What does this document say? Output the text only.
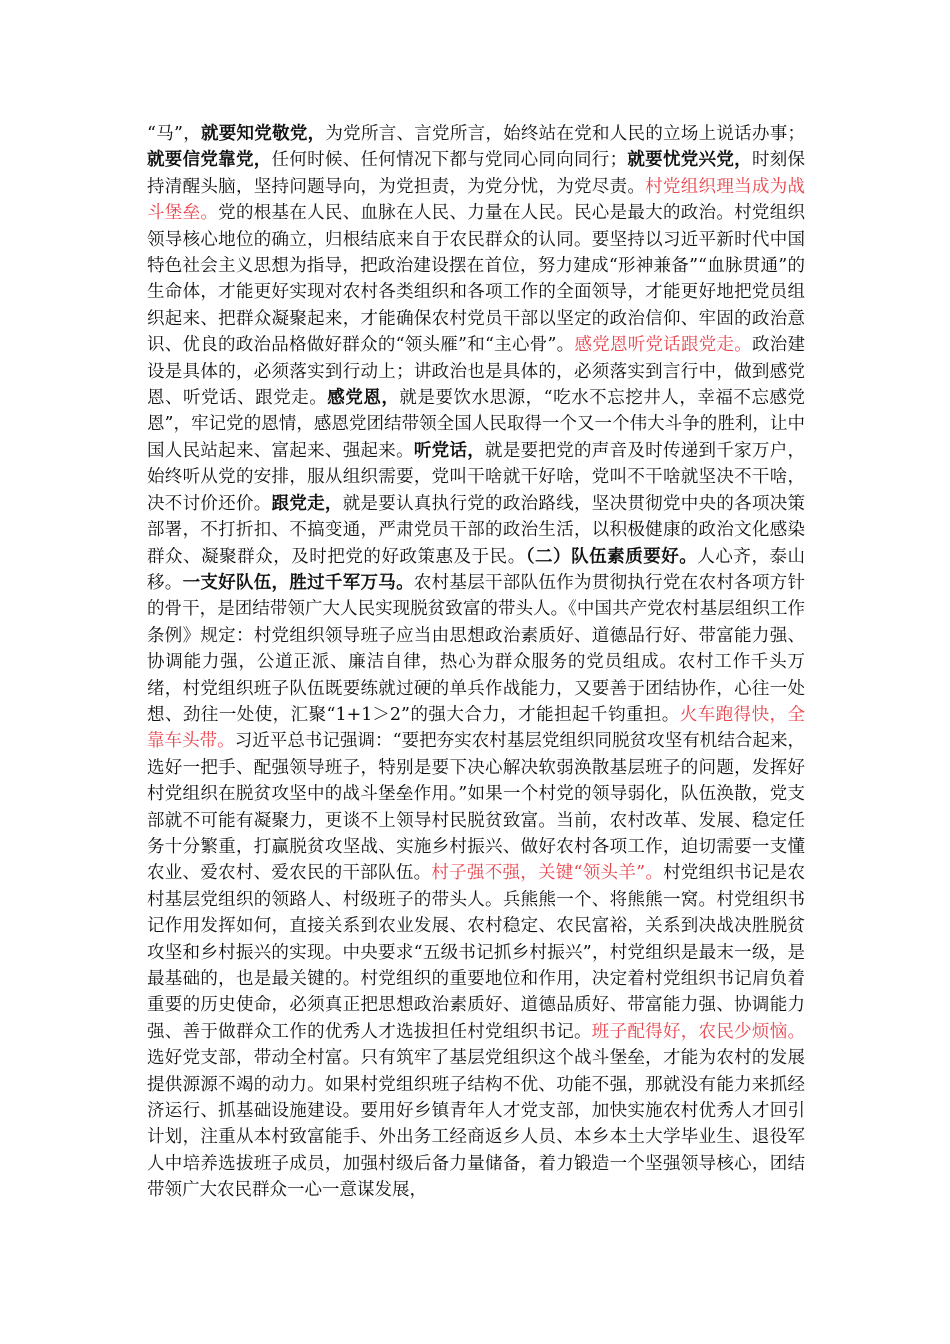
“马”，就要知党敬党，为党所言、言党所言，始终站在党和人民的立场上说话办事；就要信党靠党，任何时候、任何情况下都与党同心同向同行；就要忧党兴党，时刻保持清醒头脑，坚持问题导向，为党担责，为党分忧，为党尽责。村党组织理当成为战斗堡垒。党的根基在人民、血脉在人民、力量在人民。民心是最大的政治。村党组织领导核心地位的确立，归根结底来自于农民群众的认同。要坚持以习近平新时代中国特色社会主义思想为指导，把政治建设摆在首位，努力建成“形神兼备”“血脉贯通”的生命体，才能更好实现对农村各类组织和各项工作的全面领导，才能更好地把党员组织起来、把群众凝聚起来，才能确保农村党员干部以坚定的政治信仰、牢固的政治意识、优良的政治品格做好群众的“领头雁”和“主心骨”。感党恩听党话跟党走。政治建设是具体的，必须落实到行动上；讲政治也是具体的，必须落实到言行中，做到感党恩、听党话、跟党走。感党恩，就是要饮水思源，“吃水不忘挖井人，幸福不忘感党恩”，牢记党的恩情，感恩党团结带领全国人民取得一个又一个伟大斗争的胜利，让中国人民站起来、富起来、强起来。听党话，就是要把党的声音及时传递到千家万户，始终听从党的安排，服从组织需要，党叫干啥就干好啥，党叫不干啥就坚决不干啥，决不讨价还价。跟党走，就是要认真执行党的政治路线，坚决贯彻党中央的各项决策部署，不打折扣、不搞变通，严肃党员干部的政治生活，以积极健康的政治文化感染群众、凝聚群众，及时把党的好政策惠及于民。（二）队伍素质要好。人心齐，泰山移。一支好队伍，胜过千军万马。农村基层干部队伍作为贯彻执行党在农村各项方针的骨干，是团结带领广大人民实现脱贫致富的带头人。《中国共产党农村基层组织工作条例》规定：村党组织领导班子应当由思想政治素质好、道德品行好、带富能力强、协调能力强，公道正派、廉洁自律，热心为群众服务的党员组成。农村工作千头万绪，村党组织班子队伍既要练就过硬的单兵作战能力，又要善于团结协作，心往一处想、劲往一处使，汇聚“1+1＞2”的强大合力，才能担起千钧重担。火车跑得快，全靠车头带。习近平总书记强调：“要把夯实农村基层党组织同脱贫攻坚有机结合起来，选好一把手、配强领导班子，特别是要下决心解决软弱涣散基层班子的问题，发挥好村党组织在脱贫攻坚中的战斗堡垒作用。”如果一个村党的领导弱化，队伍涣散，党支部就不可能有凝聚力，更谈不上领导村民脱贫致富。当前，农村改革、发展、稳定任务十分繁重，打赢脱贫攻坚战、实施乡村振兴、做好农村各项工作，迫切需要一支懂农业、爱农村、爱农民的干部队伍。村子强不强，关键“领头羊”。村党组织书记是农村基层党组织的领路人、村级班子的带头人。兵熊熊一个、将熊熊一窝。村党组织书记作用发挥如何，直接关系到农业发展、农村稳定、农民富裕，关系到决战决胜脱贫攻坚和乡村振兴的实现。中央要求“五级书记抓乡村振兴”，村党组织是最末一级，是最基础的，也是最关键的。村党组织的重要地位和作用，决定着村党组织书记肩负着重要的历史使命，必须真正把思想政治素质好、道德品质好、带富能力强、协调能力强、善于做群众工作的优秀人才选拔担任村党组织书记。班子配得好，农民少烦恼。选好党支部，带动全村富。只有筑牢了基层党组织这个战斗堡垒，才能为农村的发展提供源源不竭的动力。如果村党组织班子结构不优、功能不强，那就没有能力来抓经济运行、抓基础设施建设。要用好乡镇青年人才党支部，加快实施农村优秀人才回引计划，注重从本村致富能手、外出务工经商返乡人员、本乡本土大学毕业生、退役军人中培养选拔班子成员，加强村级后备力量储备，着力锻造一个坚强领导核心，团结带领广大农民群众一心一意谋发展，
